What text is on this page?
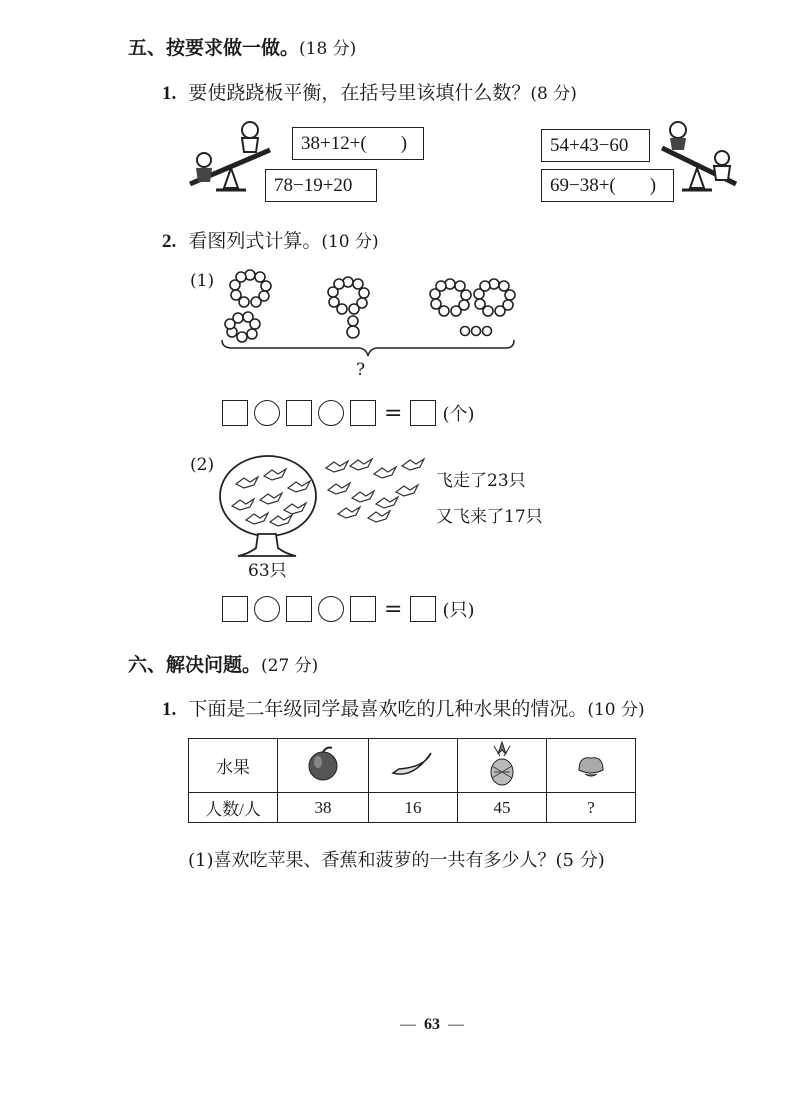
五、按要求做一做。(18 分)
1. 要使跷跷板平衡，在括号里该填什么数？(8 分)
38+12+( )
78−19+20
54+43−60
69−38+( )
2. 看图列式计算。(10 分)
(1)
?
= (个)
(2)
飞走了23只
又飞来了17只
63只
= (只)
六、解决问题。(27 分)
1. 下面是二年级同学最喜欢吃的几种水果的情况。(10 分)
水果				
人数/人	38	16	45	?
(1)喜欢吃苹果、香蕉和菠萝的一共有多少人？(5 分)
— 63 —
